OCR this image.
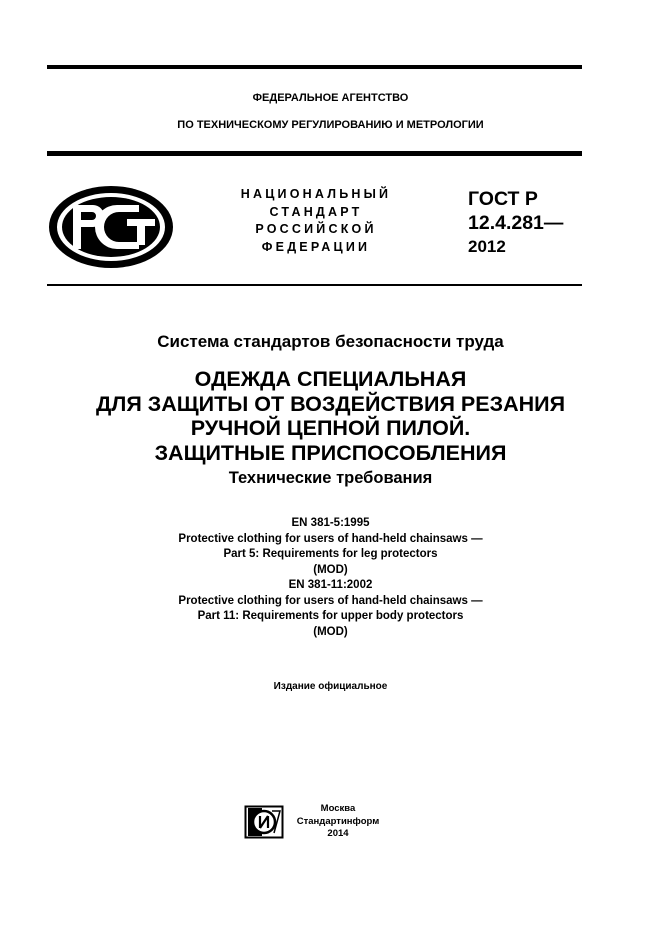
ФЕДЕРАЛЬНОЕ АГЕНТСТВО
ПО ТЕХНИЧЕСКОМУ РЕГУЛИРОВАНИЮ И МЕТРОЛОГИИ
НАЦИОНАЛЬНЫЙ
СТАНДАРТ
РОССИЙСКОЙ
ФЕДЕРАЦИИ
ГОСТ Р
12.4.281—
2012
Система стандартов безопасности труда
ОДЕЖДА СПЕЦИАЛЬНАЯ
ДЛЯ ЗАЩИТЫ ОТ ВОЗДЕЙСТВИЯ РЕЗАНИЯ
РУЧНОЙ ЦЕПНОЙ ПИЛОЙ.
ЗАЩИТНЫЕ ПРИСПОСОБЛЕНИЯ
Технические требования
EN 381-5:1995
Protective clothing for users of hand-held chainsaws —
Part 5: Requirements for leg protectors
(MOD)
EN 381-11:2002
Protective clothing for users of hand-held chainsaws —
Part 11: Requirements for upper body protectors
(MOD)
Издание официальное
Москва
Стандартинформ
2014
